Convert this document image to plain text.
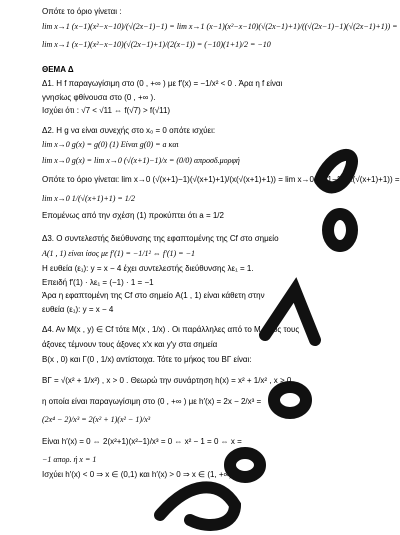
Οπότε το όριο γίνεται :
lim x→1 (x−1)(x²−x−10)/(√(2x−1)−1) = lim x→1 (x−1)(x²−x−10)(√(2x−1)+1)/((√(2x−1)−1)(√(2x−1)+1)) =
lim x→1 (x−1)(x²−x−10)(√(2x−1)+1)/(2(x−1)) = (−10)(1+1)/2 = −10
ΘΕΜΑ Δ
Δ1. Η f παραγωγίσιμη στο (0 , +∞ ) με f′(x) = −1/x² < 0 . Άρα η f είναι
γνησίως φθίνουσα στο (0 , +∞ ).
Ισχύει ότι : √7 < √11 ⇔ f(√7) > f(√11)
Δ2. Η g να είναι συνεχής στο x₀ = 0 οπότε ισχύει:
lim x→0 g(x) = g(0) (1) Είναι g(0) = a και
lim x→0 g(x) = lim x→0 (√(x+1)−1)/x = (0/0) απροσδ.μορφή
Οπότε το όριο γίνεται: lim x→0 (√(x+1)−1)(√(x+1)+1)/(x(√(x+1)+1)) = lim x→0 (x+1−1)/(x(√(x+1)+1)) =
lim x→0 1/(√(x+1)+1) = 1/2
Επομένως από την σχέση (1) προκύπτει ότι a = 1/2
Δ3. Ο συντελεστής διεύθυνσης της εφαπτομένης της Cf στο σημείο
A(1 , 1) είναι ίσος με f′(1) = −1/1² ⇔ f′(1) = −1
Η ευθεία (ε₁): y = x − 4 έχει συντελεστής διεύθυνσης λε₁ = 1.
Επειδή f′(1) · λε₁ = (−1) · 1 = −1
Άρα η εφαπτομένη της Cf στο σημείο A(1 , 1) είναι κάθετη στην
ευθεία (ε₁): y = x − 4
Δ4. Αν M(x , y) ∈ Cf τότε M(x , 1/x) . Οι παράλληλες από το Μ προς τους
άξονες τέμνουν τους άξονες x′x και y′y στα σημεία
B(x , 0) και Γ(0 , 1/x) αντίστοιχα. Τότε το μήκος του ΒΓ είναι:
BΓ = √(x² + 1/x²) , x > 0 . Θεωρώ την συνάρτηση h(x) = x² + 1/x² , x > 0
η οποία είναι παραγωγίσιμη στο (0 , +∞ ) με h′(x) = 2x − 2/x³ =
(2x⁴ − 2)/x³ = 2(x² + 1)(x² − 1)/x³
Είναι h′(x) = 0 ⇔ 2(x²+1)(x²−1)/x³ = 0 ⇔ x² − 1 = 0 ⇔ x =
−1 απορ. ή x = 1
Ισχύει h′(x) < 0 ⇒ x ∈ (0,1) και h′(x) > 0 ⇒ x ∈ (1, +∞)
